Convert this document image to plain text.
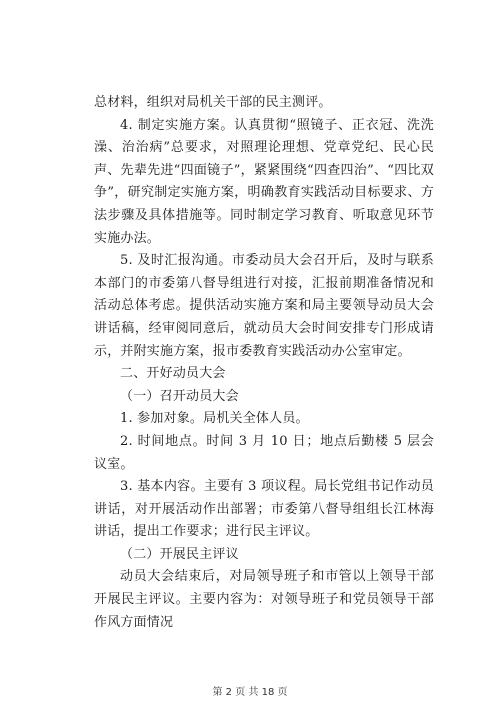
总材料，组织对局机关干部的民主测评。

4. 制定实施方案。认真贯彻“照镜子、正衣冠、洗洗澡、治治病”总要求，对照理论理想、党章党纪、民心民声、先辈先进“四面镜子”，紧紧围绕“四查四治”、“四比双争”，研究制定实施方案，明确教育实践活动目标要求、方法步骤及具体措施等。同时制定学习教育、听取意见环节实施办法。

5. 及时汇报沟通。市委动员大会召开后，及时与联系本部门的市委第八督导组进行对接，汇报前期准备情况和活动总体考虑。提供活动实施方案和局主要领导动员大会讲话稿，经审阅同意后，就动员大会时间安排专门形成请示，并附实施方案，报市委教育实践活动办公室审定。

二、开好动员大会

（一）召开动员大会

1. 参加对象。局机关全体人员。

2. 时间地点。时间 3 月 10 日；地点后勤楼 5 层会议室。

3. 基本内容。主要有 3 项议程。局长党组书记作动员讲话，对开展活动作出部署；市委第八督导组组长江林海讲话，提出工作要求；进行民主评议。

（二）开展民主评议

动员大会结束后，对局领导班子和市管以上领导干部开展民主评议。主要内容为：对领导班子和党员领导干部作风方面情况

第 2 页 共 18 页
